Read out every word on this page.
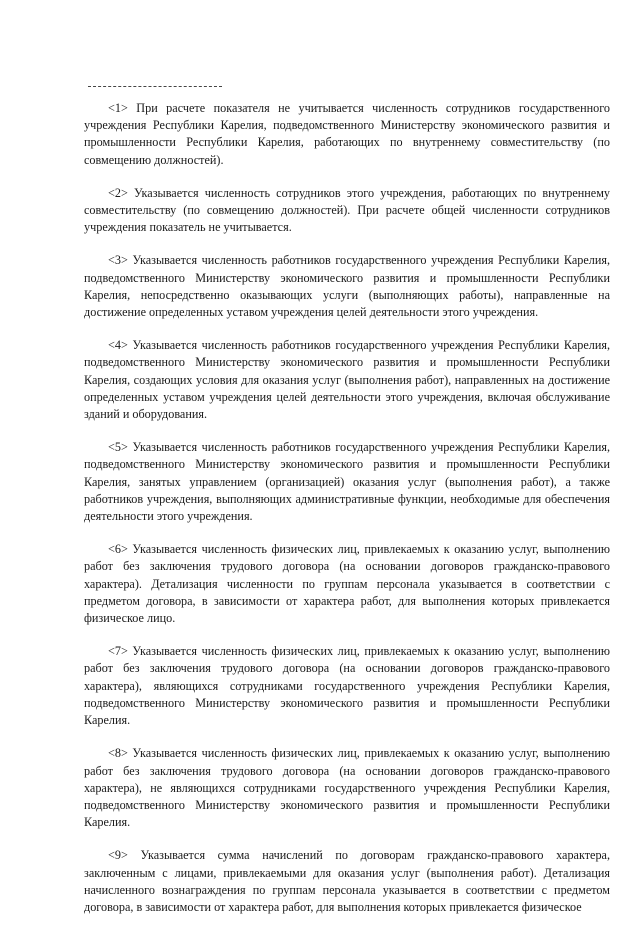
<1> При расчете показателя не учитывается численность сотрудников государственного учреждения Республики Карелия, подведомственного Министерству экономического развития и промышленности Республики Карелия, работающих по внутреннему совместительству (по совмещению должностей).

<2> Указывается численность сотрудников этого учреждения, работающих по внутреннему совместительству (по совмещению должностей). При расчете общей численности сотрудников учреждения показатель не учитывается.

<3> Указывается численность работников государственного учреждения Республики Карелия, подведомственного Министерству экономического развития и промышленности Республики Карелия, непосредственно оказывающих услуги (выполняющих работы), направленные на достижение определенных уставом учреждения целей деятельности этого учреждения.

<4> Указывается численность работников государственного учреждения Республики Карелия, подведомственного Министерству экономического развития и промышленности Республики Карелия, создающих условия для оказания услуг (выполнения работ), направленных на достижение определенных уставом учреждения целей деятельности этого учреждения, включая обслуживание зданий и оборудования.

<5> Указывается численность работников государственного учреждения Республики Карелия, подведомственного Министерству экономического развития и промышленности Республики Карелия, занятых управлением (организацией) оказания услуг (выполнения работ), а также работников учреждения, выполняющих административные функции, необходимые для обеспечения деятельности этого учреждения.

<6> Указывается численность физических лиц, привлекаемых к оказанию услуг, выполнению работ без заключения трудового договора (на основании договоров гражданско-правового характера). Детализация численности по группам персонала указывается в соответствии с предметом договора, в зависимости от характера работ, для выполнения которых привлекается физическое лицо.

<7> Указывается численность физических лиц, привлекаемых к оказанию услуг, выполнению работ без заключения трудового договора (на основании договоров гражданско-правового характера), являющихся сотрудниками государственного учреждения Республики Карелия, подведомственного Министерству экономического развития и промышленности Республики Карелия.

<8> Указывается численность физических лиц, привлекаемых к оказанию услуг, выполнению работ без заключения трудового договора (на основании договоров гражданско-правового характера), не являющихся сотрудниками государственного учреждения Республики Карелия, подведомственного Министерству экономического развития и промышленности Республики Карелия.

<9> Указывается сумма начислений по договорам гражданско-правового характера, заключенным с лицами, привлекаемыми для оказания услуг (выполнения работ). Детализация начисленного вознаграждения по группам персонала указывается в соответствии с предметом договора, в зависимости от характера работ, для выполнения которых привлекается физическое
